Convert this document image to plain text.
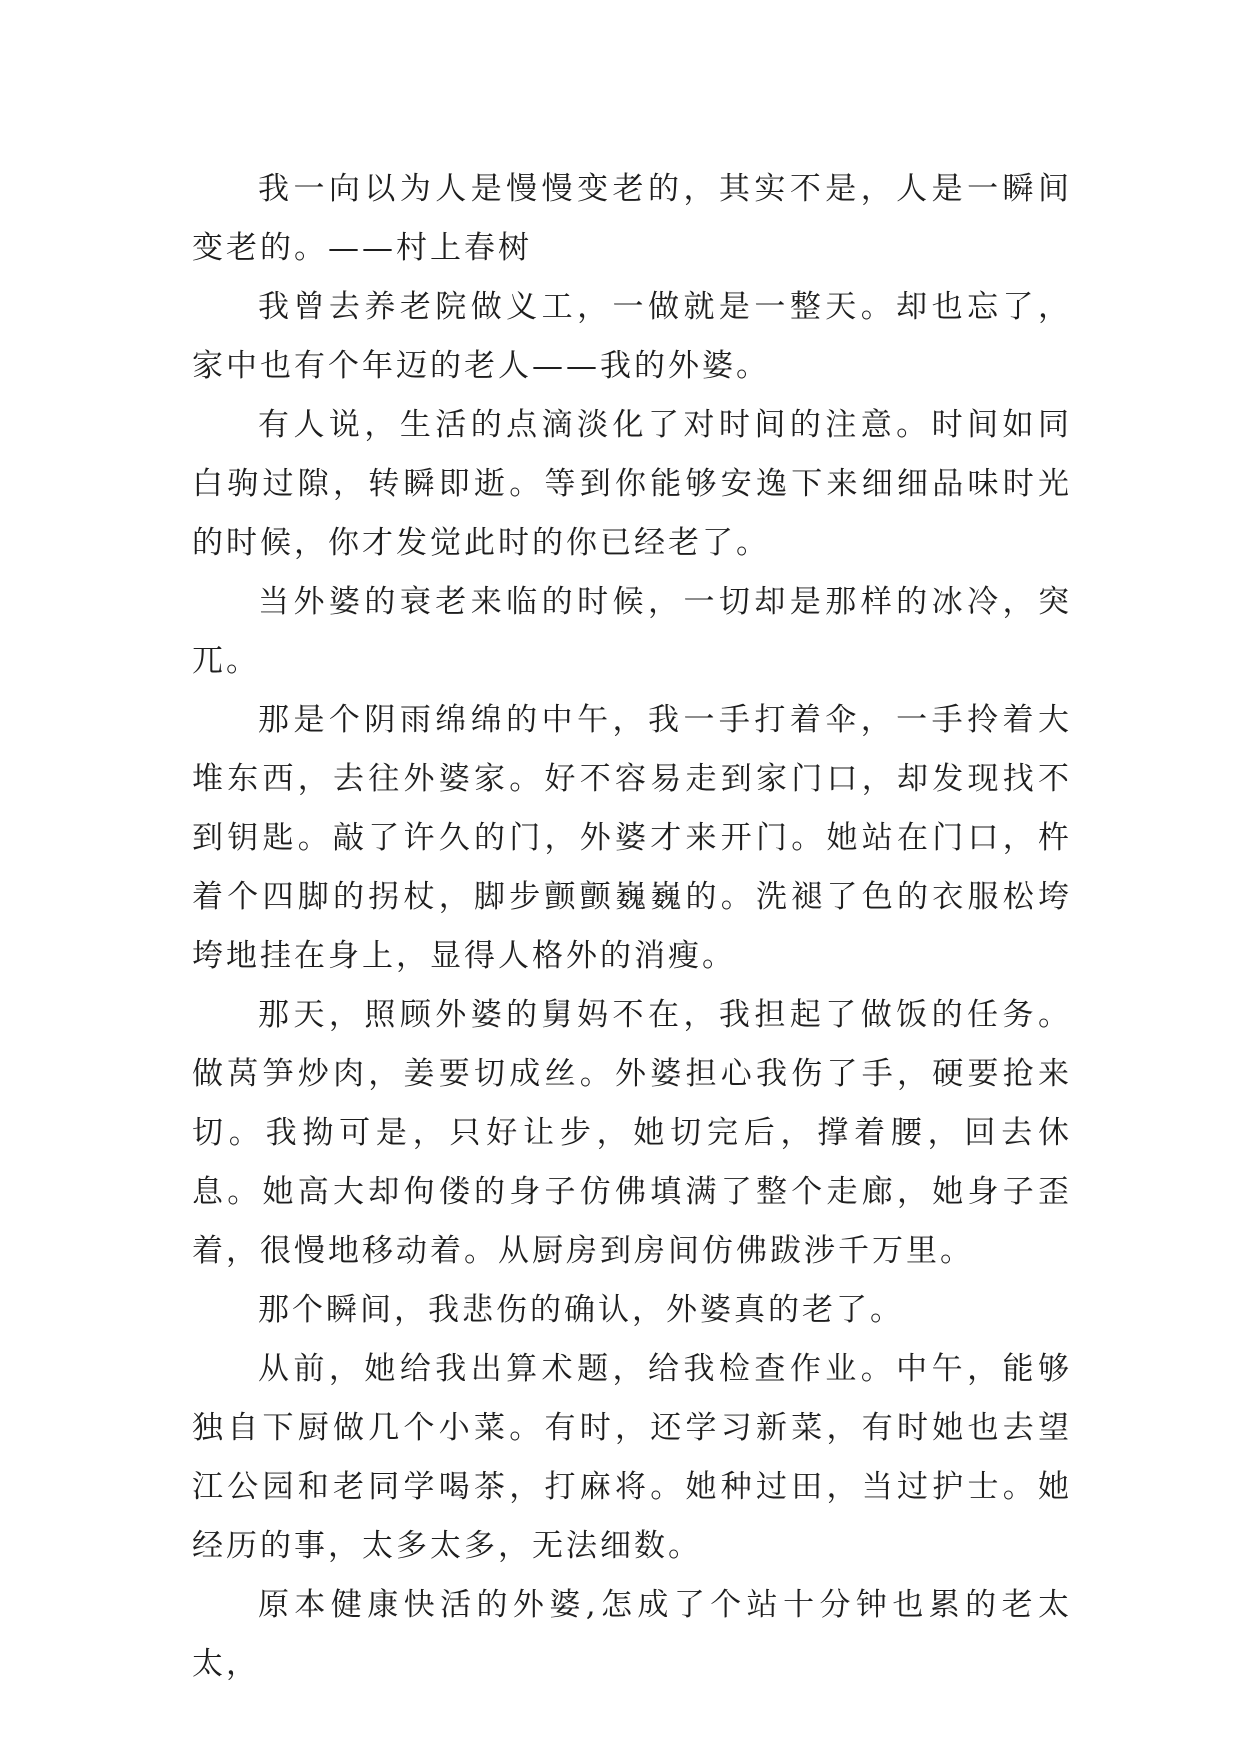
我一向以为人是慢慢变老的，其实不是，人是一瞬间变老的。——村上春树

我曾去养老院做义工，一做就是一整天。却也忘了，家中也有个年迈的老人——我的外婆。

有人说，生活的点滴淡化了对时间的注意。时间如同白驹过隙，转瞬即逝。等到你能够安逸下来细细品味时光的时候，你才发觉此时的你已经老了。

当外婆的衰老来临的时候，一切却是那样的冰冷，突兀。

那是个阴雨绵绵的中午，我一手打着伞，一手拎着大堆东西，去往外婆家。好不容易走到家门口，却发现找不到钥匙。敲了许久的门，外婆才来开门。她站在门口，杵着个四脚的拐杖，脚步颤颤巍巍的。洗褪了色的衣服松垮垮地挂在身上，显得人格外的消瘦。

那天，照顾外婆的舅妈不在，我担起了做饭的任务。做莴笋炒肉，姜要切成丝。外婆担心我伤了手，硬要抢来切。我拗可是，只好让步，她切完后，撑着腰，回去休息。她高大却佝偻的身子仿佛填满了整个走廊，她身子歪着，很慢地移动着。从厨房到房间仿佛跋涉千万里。

那个瞬间，我悲伤的确认，外婆真的老了。

从前，她给我出算术题，给我检查作业。中午，能够独自下厨做几个小菜。有时，还学习新菜，有时她也去望江公园和老同学喝茶，打麻将。她种过田，当过护士。她经历的事，太多太多，无法细数。

原本健康快活的外婆,怎成了个站十分钟也累的老太太，
